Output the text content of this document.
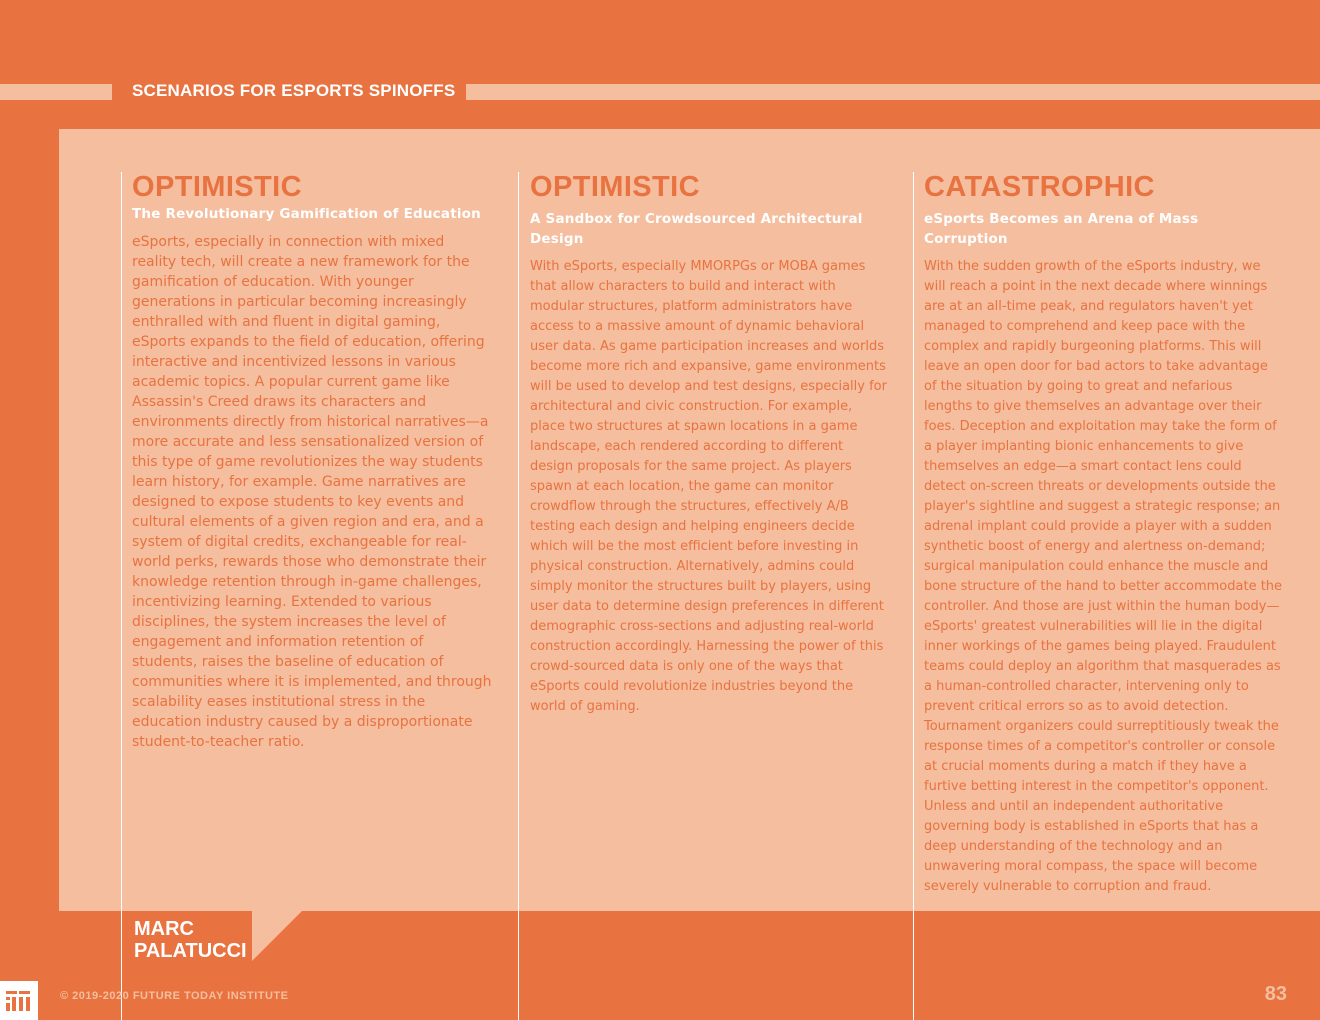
SCENARIOS FOR ESPORTS SPINOFFS
OPTIMISTIC
The Revolutionary Gamification of Education

eSports, especially in connection with mixed reality tech, will create a new framework for the gamification of education. With younger generations in particular becoming increasingly enthralled with and fluent in digital gaming, eSports expands to the field of education, offering interactive and incentivized lessons in various academic topics. A popular current game like Assassin's Creed draws its characters and environments directly from historical narratives—a more accurate and less sensationalized version of this type of game revolutionizes the way students learn history, for example. Game narratives are designed to expose students to key events and cultural elements of a given region and era, and a system of digital credits, exchangeable for real-world perks, rewards those who demonstrate their knowledge retention through in-game challenges, incentivizing learning. Extended to various disciplines, the system increases the level of engagement and information retention of students, raises the baseline of education of communities where it is implemented, and through scalability eases institutional stress in the education industry caused by a disproportionate student-to-teacher ratio.

OPTIMISTIC
A Sandbox for Crowdsourced Architectural Design

With eSports, especially MMORPGs or MOBA games that allow characters to build and interact with modular structures, platform administrators have access to a massive amount of dynamic behavioral user data. As game participation increases and worlds become more rich and expansive, game environments will be used to develop and test designs, especially for architectural and civic construction. For example, place two structures at spawn locations in a game landscape, each rendered according to different design proposals for the same project. As players spawn at each location, the game can monitor crowdflow through the structures, effectively A/B testing each design and helping engineers decide which will be the most efficient before investing in physical construction. Alternatively, admins could simply monitor the structures built by players, using user data to determine design preferences in different demographic cross-sections and adjusting real-world construction accordingly. Harnessing the power of this crowd-sourced data is only one of the ways that eSports could revolutionize industries beyond the world of gaming.

CATASTROPHIC
eSports Becomes an Arena of Mass Corruption

With the sudden growth of the eSports industry, we will reach a point in the next decade where winnings are at an all-time peak, and regulators haven't yet managed to comprehend and keep pace with the complex and rapidly burgeoning platforms. This will leave an open door for bad actors to take advantage of the situation by going to great and nefarious lengths to give themselves an advantage over their foes. Deception and exploitation may take the form of a player implanting bionic enhancements to give themselves an edge—a smart contact lens could detect on-screen threats or developments outside the player's sightline and suggest a strategic response; an adrenal implant could provide a player with a sudden synthetic boost of energy and alertness on-demand; surgical manipulation could enhance the muscle and bone structure of the hand to better accommodate the controller. And those are just within the human body—eSports' greatest vulnerabilities will lie in the digital inner workings of the games being played. Fraudulent teams could deploy an algorithm that masquerades as a human-controlled character, intervening only to prevent critical errors so as to avoid detection. Tournament organizers could surreptitiously tweak the response times of a competitor's controller or console at crucial moments during a match if they have a furtive betting interest in the competitor's opponent. Unless and until an independent authoritative governing body is established in eSports that has a deep understanding of the technology and an unwavering moral compass, the space will become severely vulnerable to corruption and fraud.

MARC
PALATUCCI
© 2019-2020 FUTURE TODAY INSTITUTE	83
